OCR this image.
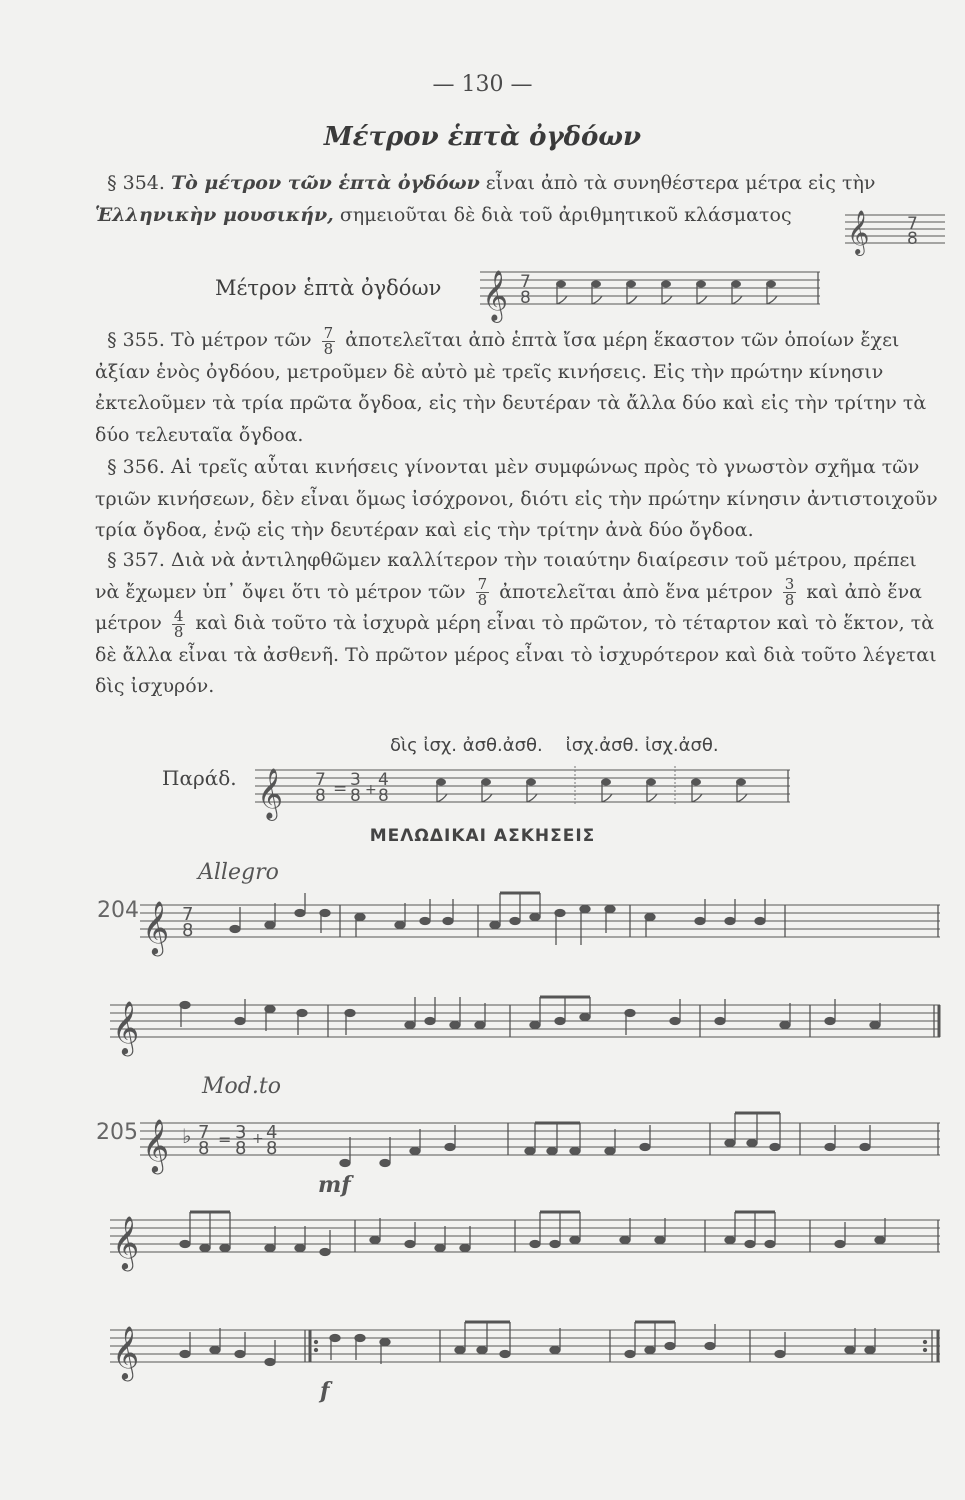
— 130 —
Μέτρον ἑπτὰ ὀγδόων
§ 354. Τὸ μέτρον τῶν ἑπτὰ ὀγδόων εἶναι ἀπὸ τὰ συνηθέστερα μέτρα εἰς τὴν Ἑλληνικὴν μουσικήν, σημειοῦται δὲ διὰ τοῦ ἀριθμητικοῦ κλάσματος	𝄞 7
8
Μέτρον ἑπτὰ ὀγδόων 𝄞 7
8
§ 355. Τὸ μέτρον τῶν $\frac{7}{8}$ ἀποτελεῖται ἀπὸ ἑπτὰ ἴσα μέρη ἕκαστον τῶν ὁποίων ἔχει ἀξίαν ἑνὸς ὀγδόου, μετροῦμεν δὲ αὐτὸ μὲ τρεῖς κινήσεις. Εἰς τὴν πρώτην κίνησιν ἐκτελοῦμεν τὰ τρία πρῶτα ὄγδοα, εἰς τὴν δευτέραν τὰ ἄλλα δύο καὶ εἰς τὴν τρίτην τὰ δύο τελευταῖα ὄγδοα.
§ 356. Αἱ τρεῖς αὗται κινήσεις γίνονται μὲν συμφώνως πρὸς τὸ γνωστὸν σχῆμα τῶν τριῶν κινήσεων, δὲν εἶναι ὅμως ἰσόχρονοι, διότι εἰς τὴν πρώτην κίνησιν ἀντιστοιχοῦν τρία ὄγδοα, ἐνῷ εἰς τὴν δευτέραν καὶ εἰς τὴν τρίτην ἀνὰ δύο ὄγδοα.
§ 357. Διὰ νὰ ἀντιληφθῶμεν καλλίτερον τὴν τοιαύτην διαίρεσιν τοῦ μέτρου, πρέπει νὰ ἔχωμεν ὑπ᾽ ὄψει ὅτι τὸ μέτρον τῶν $\frac{7}{8}$ ἀποτελεῖται ἀπὸ ἕνα μέτρον $\frac{3}{8}$ καὶ ἀπὸ ἕνα μέτρον $\frac{4}{8}$ καὶ διὰ τοῦτο τὰ ἰσχυρὰ μέρη εἶναι τὸ πρῶτον, τὸ τέταρτον καὶ τὸ ἕκτον, τὰ δὲ ἄλλα εἶναι τὰ ἀσθενῆ. Τὸ πρῶτον μέρος εἶναι τὸ ἰσχυρότερον καὶ διὰ τοῦτο λέγεται δὶς ἰσχυρόν.
δὶς ἰσχ. ἀσθ.ἀσθ.    ἰσχ.ἀσθ. ἰσχ.ἀσθ.
Παράδ. 𝄞 7
8 = 3
8 + 4
8
ΜΕΛΩΔΙΚΑΙ ΑΣΚΗΣΕΙΣ
Allegro
204 𝄞 7
8
𝄞
Mod.to
205
mf
𝄞 ♭ 7
8 = 3
8 + 4
8
𝄞
𝄞
f
